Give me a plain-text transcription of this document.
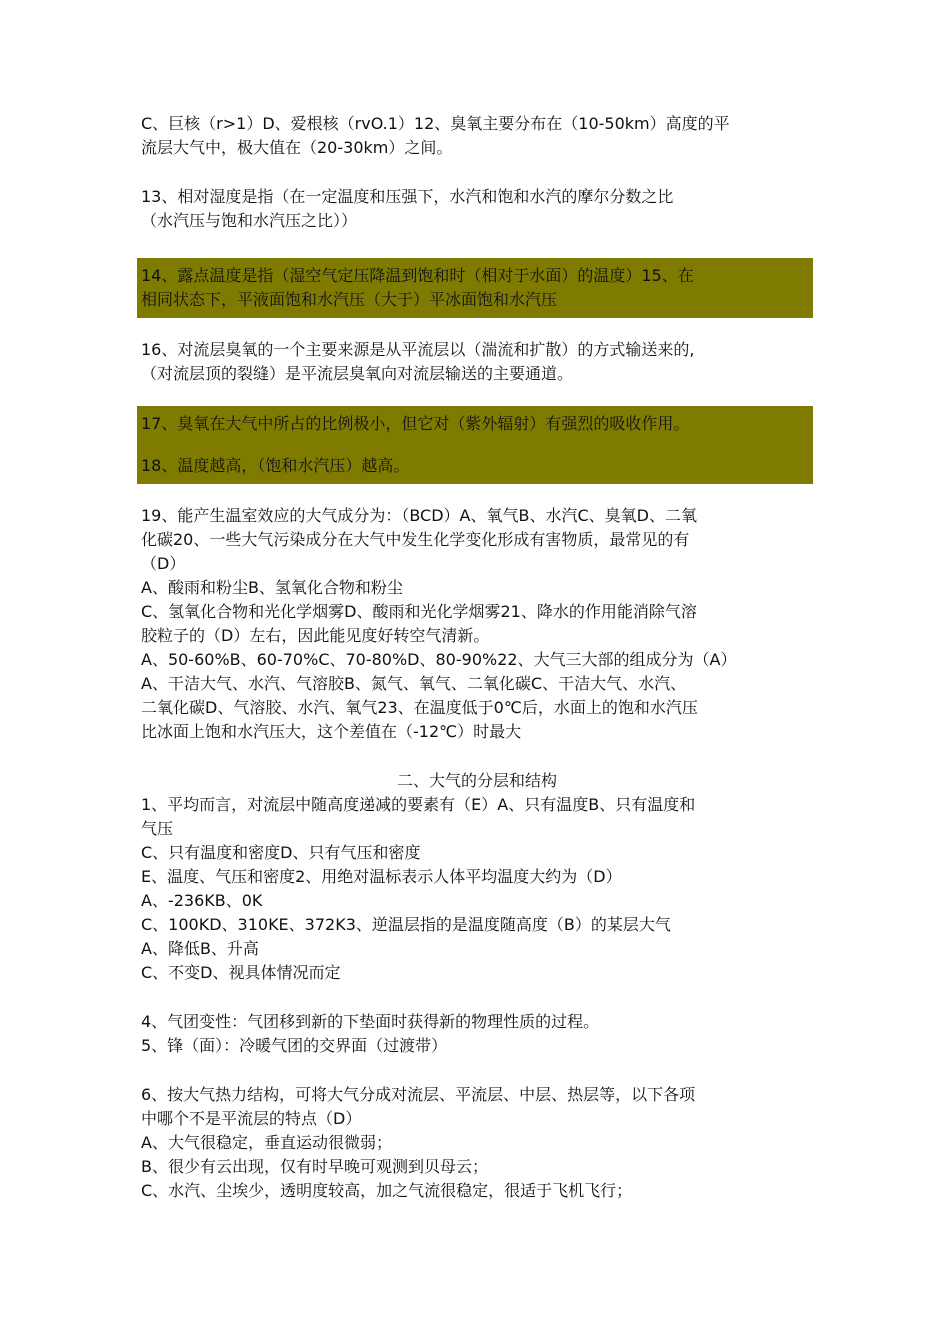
C、巨核（r>1）D、爱根核（rvO.1）12、臭氧主要分布在（10-50km）高度的平

流层大气中，极大值在（20-30km）之间。

13、相对湿度是指（在一定温度和压强下，水汽和饱和水汽的摩尔分数之比

（水汽压与饱和水汽压之比））

14、露点温度是指（湿空气定压降温到饱和时（相对于水面）的温度）15、在

相同状态下，平液面饱和水汽压（大于）平冰面饱和水汽压

16、对流层臭氧的一个主要来源是从平流层以（湍流和扩散）的方式输送来的,

（对流层顶的裂缝）是平流层臭氧向对流层输送的主要通道。

17、臭氧在大气中所占的比例极小，但它对（紫外辐射）有强烈的吸收作用。

18、温度越高，（饱和水汽压）越高。

19、能产生温室效应的大气成分为：（BCD）A、氧气B、水汽C、臭氧D、二氧

化碳20、一些大气污染成分在大气中发生化学变化形成有害物质，最常见的有

（D）

A、酸雨和粉尘B、氢氧化合物和粉尘

C、氢氧化合物和光化学烟雾D、酸雨和光化学烟雾21、降水的作用能消除气溶

胶粒子的（D）左右，因此能见度好转空气清新。

A、50-60%B、60-70%C、70-80%D、80-90%22、大气三大部的组成分为（A）

A、干洁大气、水汽、气溶胶B、氮气、氧气、二氧化碳C、干洁大气、水汽、

二氧化碳D、气溶胶、水汽、氧气23、在温度低于0℃后，水面上的饱和水汽压

比冰面上饱和水汽压大，这个差值在（-12℃）时最大

二、大气的分层和结构

1、平均而言，对流层中随高度递减的要素有（E）A、只有温度B、只有温度和

气压

C、只有温度和密度D、只有气压和密度

E、温度、气压和密度2、用绝对温标表示人体平均温度大约为（D）

A、-236KB、0K

C、100KD、310KE、372K3、逆温层指的是温度随高度（B）的某层大气

A、降低B、升高

C、不变D、视具体情况而定

4、气团变性：气团移到新的下垫面时获得新的物理性质的过程。

5、锋（面）：冷暖气团的交界面（过渡带）

6、按大气热力结构，可将大气分成对流层、平流层、中层、热层等，以下各项

中哪个不是平流层的特点（D）

A、大气很稳定，垂直运动很微弱；

B、很少有云出现，仅有时早晚可观测到贝母云；

C、水汽、尘埃少，透明度较高，加之气流很稳定，很适于飞机飞行；
